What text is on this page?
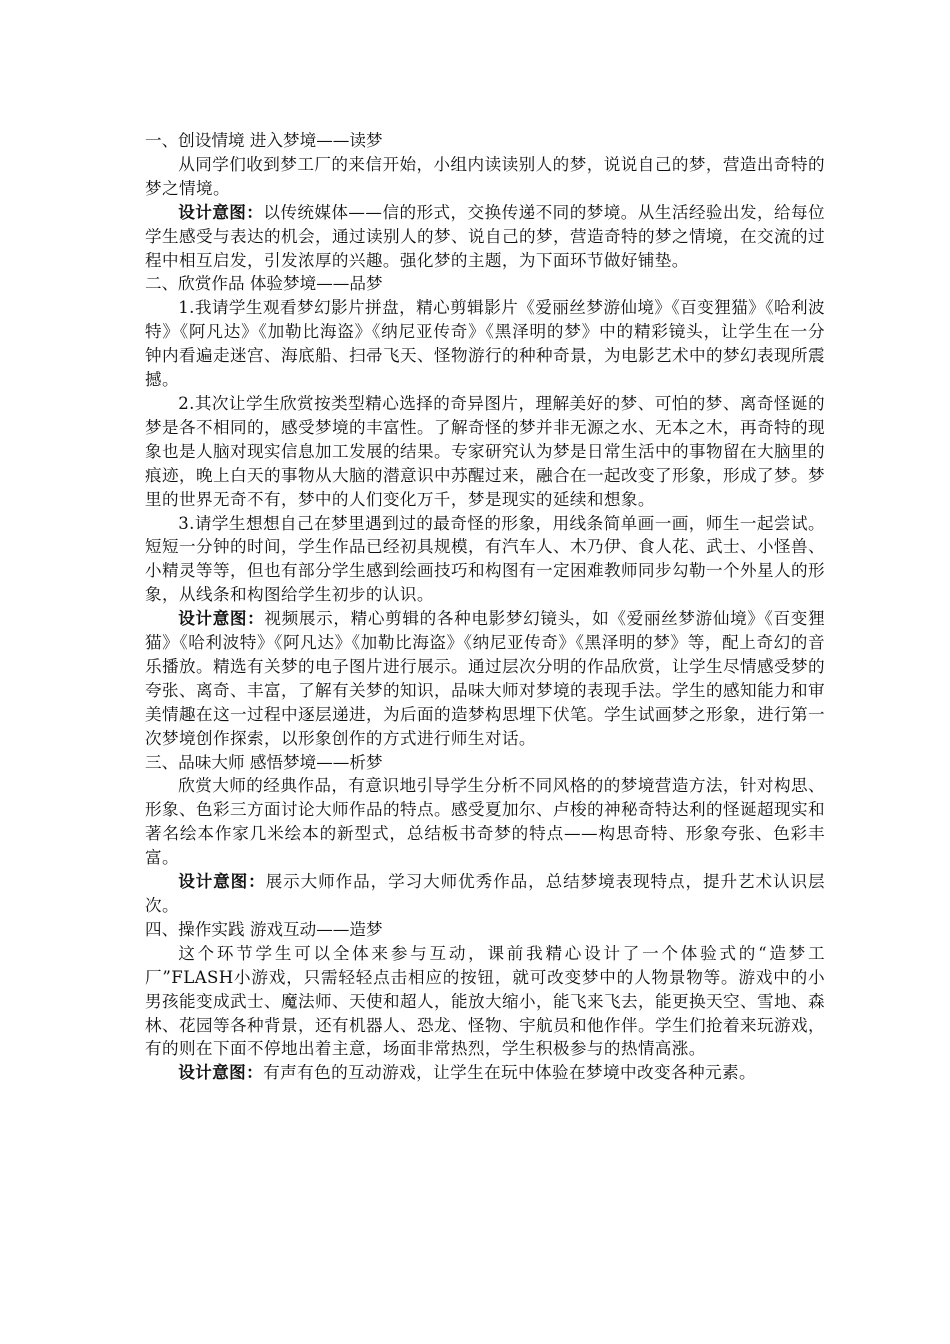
一、创设情境 进入梦境——读梦

从同学们收到梦工厂的来信开始，小组内读读别人的梦，说说自己的梦，营造出奇特的梦之情境。

设计意图：以传统媒体——信的形式，交换传递不同的梦境。从生活经验出发，给每位学生感受与表达的机会，通过读别人的梦、说自己的梦，营造奇特的梦之情境，在交流的过程中相互启发，引发浓厚的兴趣。强化梦的主题，为下面环节做好铺垫。

二、欣赏作品 体验梦境——品梦

1.我请学生观看梦幻影片拼盘，精心剪辑影片《爱丽丝梦游仙境》《百变狸猫》《哈利波特》《阿凡达》《加勒比海盗》《纳尼亚传奇》《黑泽明的梦》中的精彩镜头，让学生在一分钟内看遍走迷宫、海底船、扫帚飞天、怪物游行的种种奇景，为电影艺术中的梦幻表现所震撼。

2.其次让学生欣赏按类型精心选择的奇异图片，理解美好的梦、可怕的梦、离奇怪诞的梦是各不相同的，感受梦境的丰富性。了解奇怪的梦并非无源之水、无本之木，再奇特的现象也是人脑对现实信息加工发展的结果。专家研究认为梦是日常生活中的事物留在大脑里的痕迹，晚上白天的事物从大脑的潜意识中苏醒过来，融合在一起改变了形象，形成了梦。梦里的世界无奇不有，梦中的人们变化万千，梦是现实的延续和想象。

3.请学生想想自己在梦里遇到过的最奇怪的形象，用线条简单画一画，师生一起尝试。短短一分钟的时间，学生作品已经初具规模，有汽车人、木乃伊、食人花、武士、小怪兽、小精灵等等，但也有部分学生感到绘画技巧和构图有一定困难教师同步勾勒一个外星人的形象，从线条和构图给学生初步的认识。

设计意图：视频展示，精心剪辑的各种电影梦幻镜头，如《爱丽丝梦游仙境》《百变狸猫》《哈利波特》《阿凡达》《加勒比海盗》《纳尼亚传奇》《黑泽明的梦》等，配上奇幻的音乐播放。精选有关梦的电子图片进行展示。通过层次分明的作品欣赏，让学生尽情感受梦的夸张、离奇、丰富，了解有关梦的知识，品味大师对梦境的表现手法。学生的感知能力和审美情趣在这一过程中逐层递进，为后面的造梦构思埋下伏笔。学生试画梦之形象，进行第一次梦境创作探索，以形象创作的方式进行师生对话。

三、品味大师 感悟梦境——析梦

欣赏大师的经典作品，有意识地引导学生分析不同风格的的梦境营造方法，针对构思、形象、色彩三方面讨论大师作品的特点。感受夏加尔、卢梭的神秘奇特达利的怪诞超现实和著名绘本作家几米绘本的新型式，总结板书奇梦的特点——构思奇特、形象夸张、色彩丰富。

设计意图：展示大师作品，学习大师优秀作品，总结梦境表现特点，提升艺术认识层次。

四、操作实践 游戏互动——造梦

这个环节学生可以全体来参与互动，课前我精心设计了一个体验式的“造梦工厂”FLASH小游戏，只需轻轻点击相应的按钮，就可改变梦中的人物景物等。游戏中的小男孩能变成武士、魔法师、天使和超人，能放大缩小，能飞来飞去，能更换天空、雪地、森林、花园等各种背景，还有机器人、恐龙、怪物、宇航员和他作伴。学生们抢着来玩游戏，有的则在下面不停地出着主意，场面非常热烈，学生积极参与的热情高涨。

设计意图：有声有色的互动游戏，让学生在玩中体验在梦境中改变各种元素。
